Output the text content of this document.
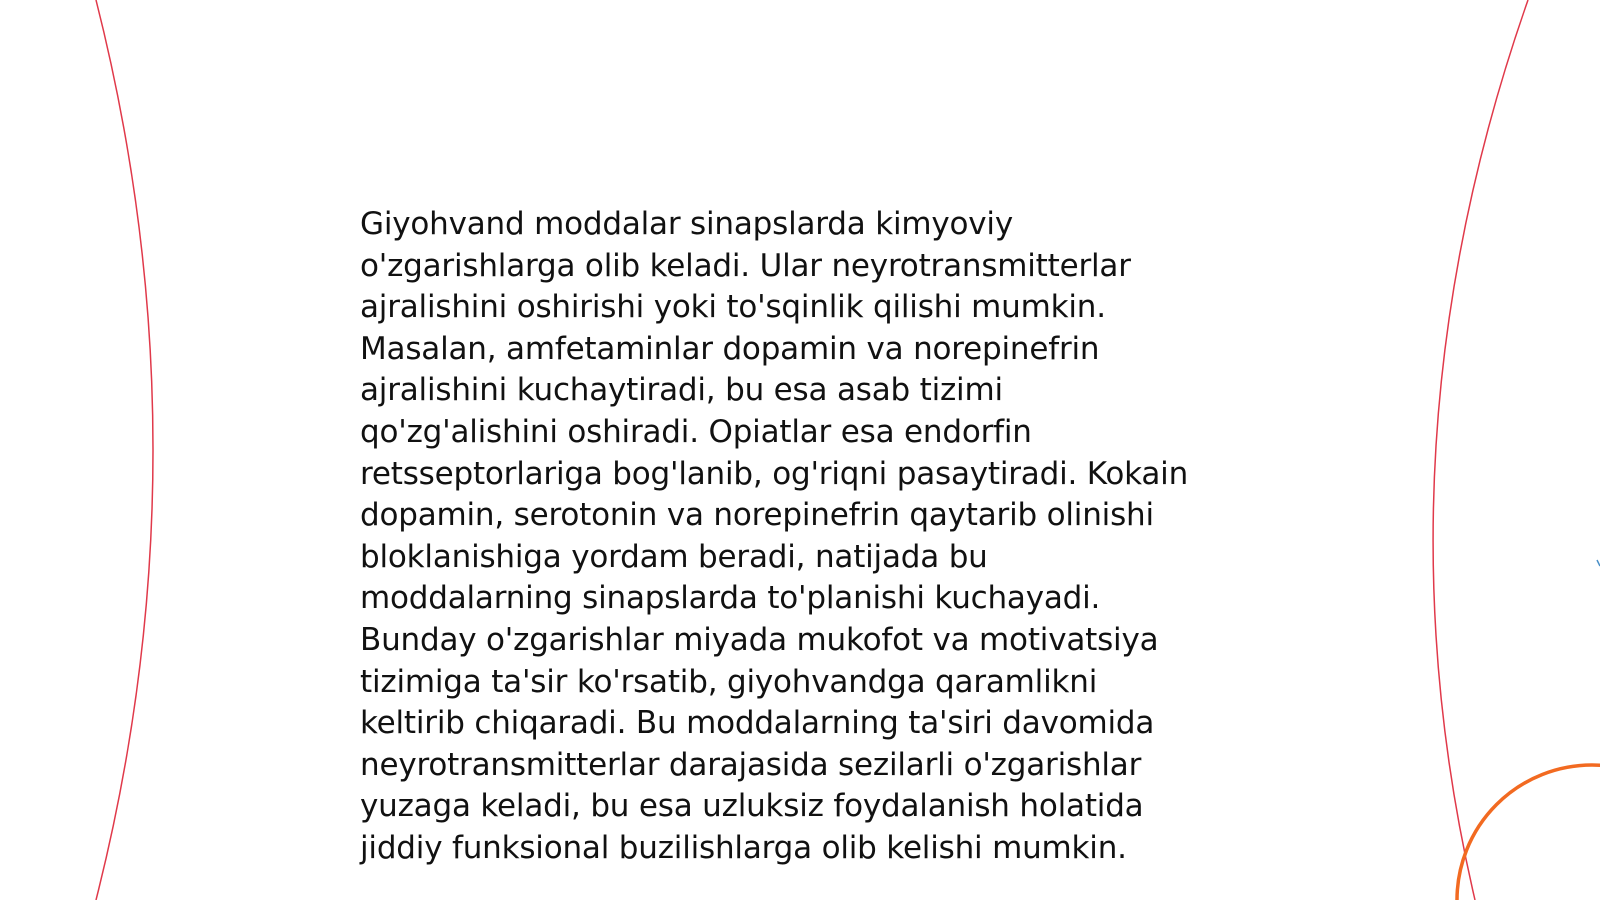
Giyohvand moddalar sinapslarda kimyoviy
o'zgarishlarga olib keladi. Ular neyrotransmitterlar
ajralishini oshirishi yoki to'sqinlik qilishi mumkin.
Masalan, amfetaminlar dopamin va norepinefrin
ajralishini kuchaytiradi, bu esa asab tizimi
qo'zg'alishini oshiradi. Opiatlar esa endorfin
retsseptorlariga bog'lanib, og'riqni pasaytiradi. Kokain
dopamin, serotonin va norepinefrin qaytarib olinishi
bloklanishiga yordam beradi, natijada bu
moddalarning sinapslarda to'planishi kuchayadi.
Bunday o'zgarishlar miyada mukofot va motivatsiya
tizimiga ta'sir ko'rsatib, giyohvandga qaramlikni
keltirib chiqaradi. Bu moddalarning ta'siri davomida
neyrotransmitterlar darajasida sezilarli o'zgarishlar
yuzaga keladi, bu esa uzluksiz foydalanish holatida
jiddiy funksional buzilishlarga olib kelishi mumkin.
